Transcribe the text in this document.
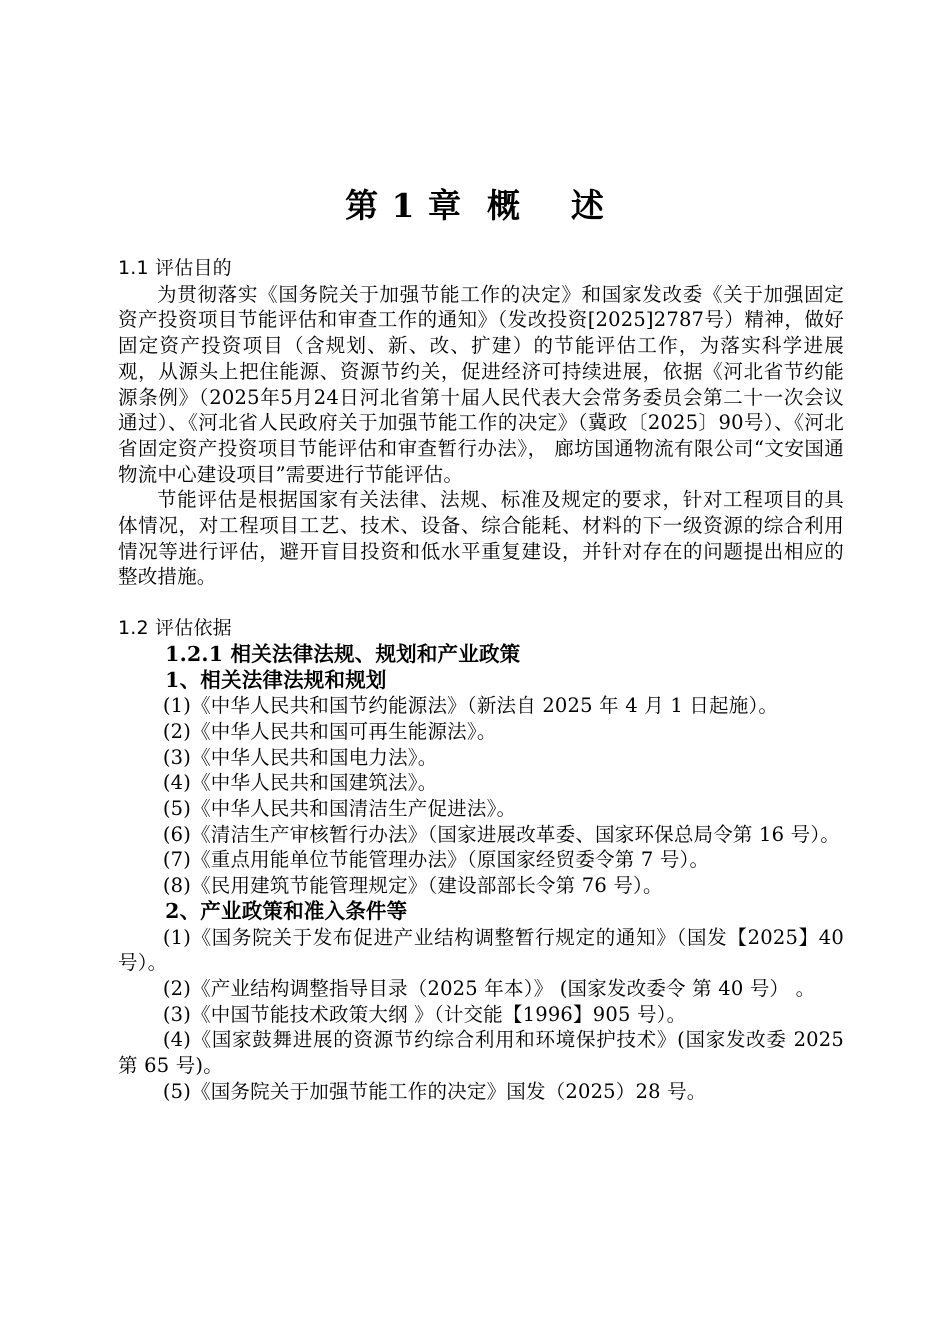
第 1 章  概    述

1.1 评估目的

为贯彻落实《国务院关于加强节能工作的决定》和国家发改委《关于加强固定资产投资项目节能评估和审查工作的通知》（发改投资[2025]2787号）精神，做好固定资产投资项目（含规划、新、改、扩建）的节能评估工作，为落实科学进展观，从源头上把住能源、资源节约关，促进经济可持续进展，依据《河北省节约能源条例》（2025年5月24日河北省第十届人民代表大会常务委员会第二十一次会议通过）、《河北省人民政府关于加强节能工作的决定》（冀政〔2025〕90号）、《河北省固定资产投资项目节能评估和审查暂行办法》， 廊坊国通物流有限公司“文安国通物流中心建设项目”需要进行节能评估。

节能评估是根据国家有关法律、法规、标准及规定的要求，针对工程项目的具体情况，对工程项目工艺、技术、设备、综合能耗、材料的下一级资源的综合利用情况等进行评估，避开盲目投资和低水平重复建设，并针对存在的问题提出相应的整改措施。

1.2 评估依据

1.2.1 相关法律法规、规划和产业政策

1、相关法律法规和规划

(1)《中华人民共和国节约能源法》（新法自 2025 年 4 月 1 日起施）。

(2)《中华人民共和国可再生能源法》。

(3)《中华人民共和国电力法》。

(4)《中华人民共和国建筑法》。

(5)《中华人民共和国清洁生产促进法》。

(6)《清洁生产审核暂行办法》（国家进展改革委、国家环保总局令第 16 号）。

(7)《重点用能单位节能管理办法》（原国家经贸委令第 7 号）。

(8)《民用建筑节能管理规定》（建设部部长令第 76 号）。

2、产业政策和准入条件等

(1)《国务院关于发布促进产业结构调整暂行规定的通知》（国发【2025】40 号）。

(2)《产业结构调整指导目录（2025 年本）》 (国家发改委令 第 40 号） 。

(3)《中国节能技术政策大纲 》（计交能【1996】905 号）。

(4)《国家鼓舞进展的资源节约综合利用和环境保护技术》(国家发改委 2025 第 65 号)。

(5)《国务院关于加强节能工作的决定》国发（2025）28 号。
